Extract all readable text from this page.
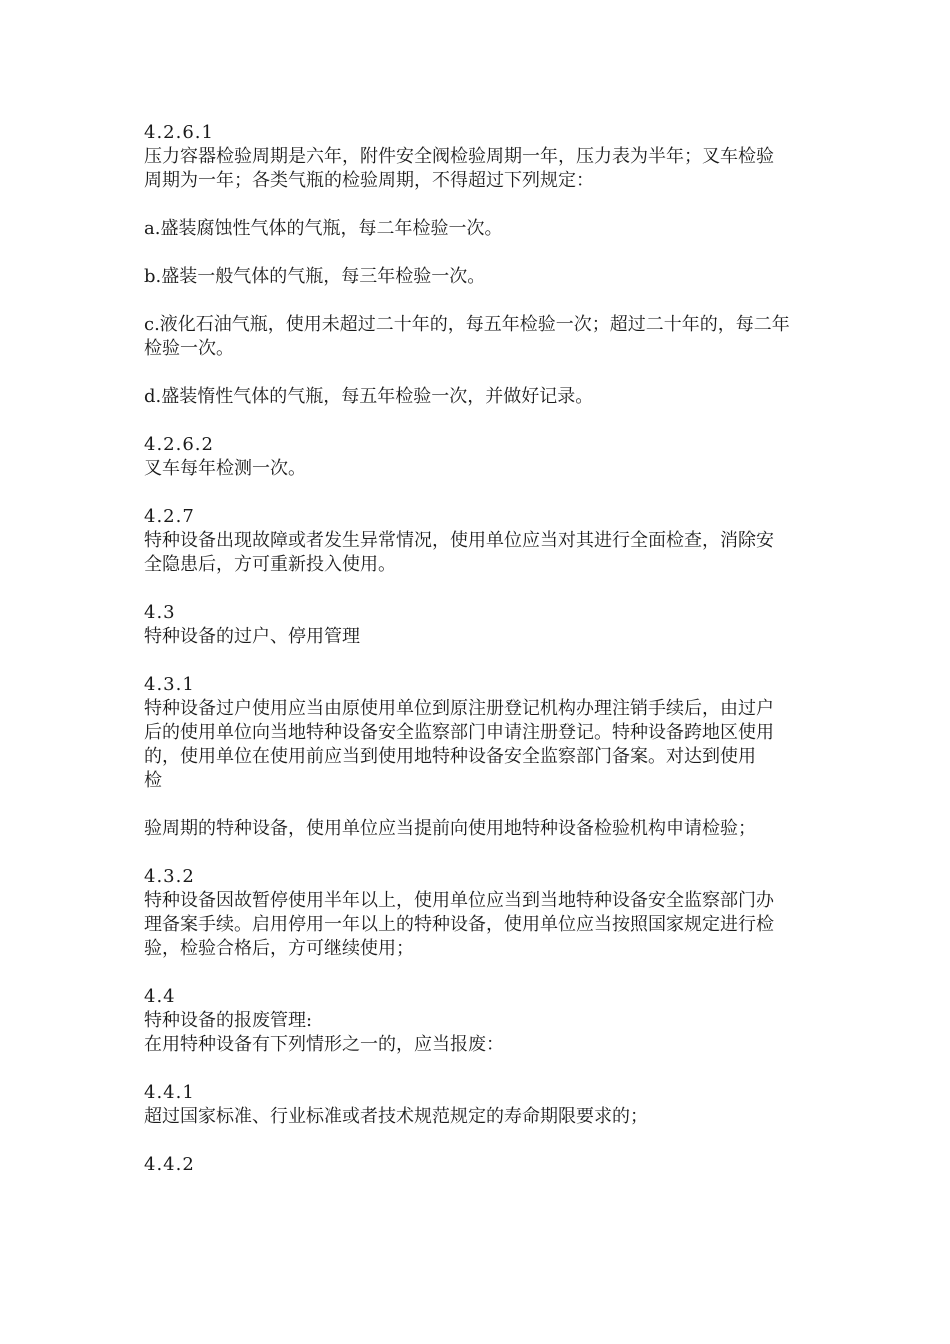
4.2.6.1
压力容器检验周期是六年，附件安全阀检验周期一年，压力表为半年；叉车检验
周期为一年；各类气瓶的检验周期，不得超过下列规定：
a.盛装腐蚀性气体的气瓶，每二年检验一次。
b.盛装一般气体的气瓶，每三年检验一次。
c.液化石油气瓶，使用未超过二十年的，每五年检验一次；超过二十年的，每二年
检验一次。
d.盛装惰性气体的气瓶，每五年检验一次，并做好记录。
4.2.6.2
叉车每年检测一次。
4.2.7
特种设备出现故障或者发生异常情况，使用单位应当对其进行全面检查，消除安
全隐患后，方可重新投入使用。
4.3
特种设备的过户、停用管理
4.3.1
特种设备过户使用应当由原使用单位到原注册登记机构办理注销手续后，由过户
后的使用单位向当地特种设备安全监察部门申请注册登记。特种设备跨地区使用
的，使用单位在使用前应当到使用地特种设备安全监察部门备案。对达到使用
检
验周期的特种设备，使用单位应当提前向使用地特种设备检验机构申请检验；
4.3.2
特种设备因故暂停使用半年以上，使用单位应当到当地特种设备安全监察部门办
理备案手续。启用停用一年以上的特种设备，使用单位应当按照国家规定进行检
验，检验合格后，方可继续使用；
4.4
特种设备的报废管理:
在用特种设备有下列情形之一的，应当报废：
4.4.1
超过国家标准、行业标准或者技术规范规定的寿命期限要求的；
4.4.2
